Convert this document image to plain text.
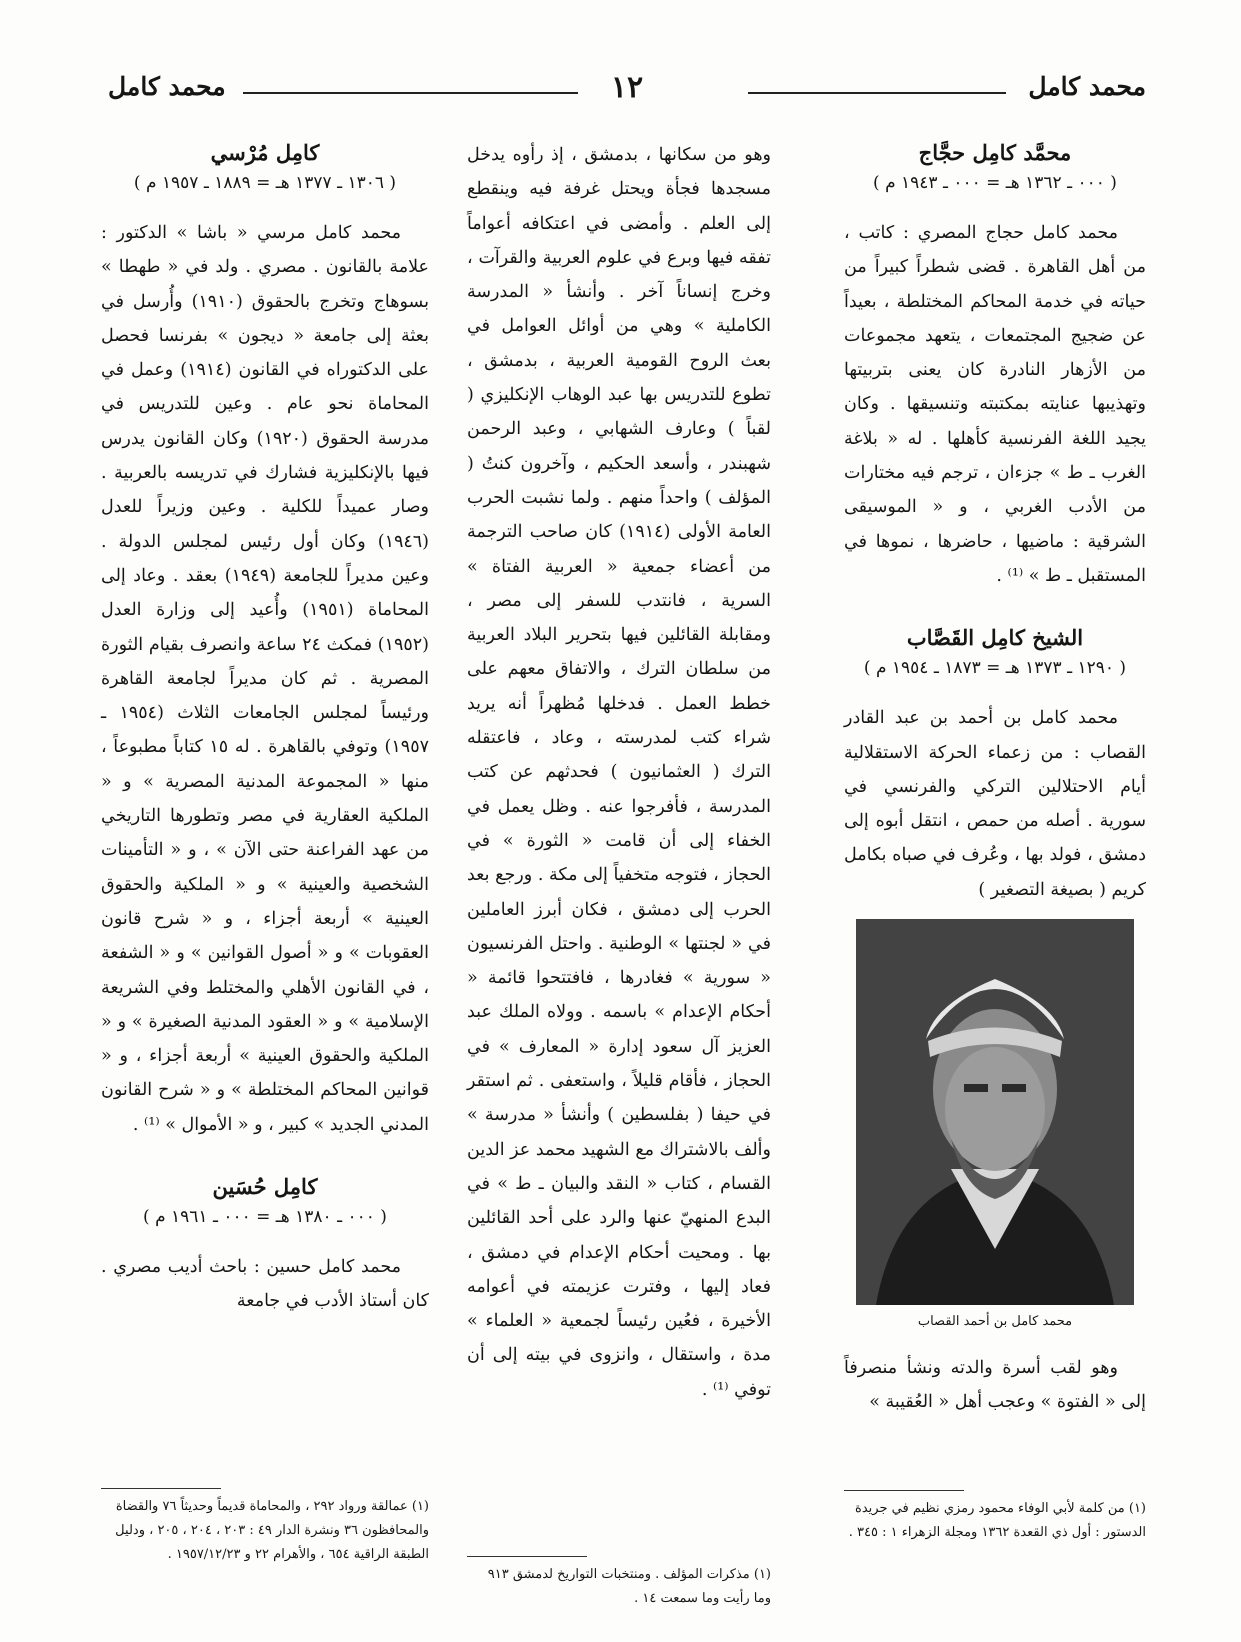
محمد كامل
١٢
محمد كامل
محمَّد كامِل حجَّاج
( ٠٠٠ ـ ١٣٦٢ هـ = ٠٠٠ ـ ١٩٤٣ م )

محمد كامل حجاج المصري : كاتب ، من أهل القاهرة . قضى شطراً كبيراً من حياته في خدمة المحاكم المختلطة ، بعيداً عن ضجيج المجتمعات ، يتعهد مجموعات من الأزهار النادرة كان يعنى بتربيتها وتهذيبها عنايته بمكتبته وتنسيقها . وكان يجيد اللغة الفرنسية كأهلها . له « بلاغة الغرب ـ ط » جزءان ، ترجم فيه مختارات من الأدب الغربي ، و « الموسيقى الشرقية : ماضيها ، حاضرها ، نموها في المستقبل ـ ط » ⁽¹⁾ .

الشيخ كامِل القَصَّاب
( ١٢٩٠ ـ ١٣٧٣ هـ = ١٨٧٣ ـ ١٩٥٤ م )

محمد كامل بن أحمد بن عبد القادر القصاب : من زعماء الحركة الاستقلالية أيام الاحتلالين التركي والفرنسي في سورية . أصله من حمص ، انتقل أبوه إلى دمشق ، فولد بها ، وعُرف في صباه بكامل كريم ( بصيغة التصغير )

محمد كامل بن أحمد القصاب

وهو لقب أسرة والدته ونشأ منصرفاً إلى « الفتوة » وعجب أهل « العُقيبة »

وهو من سكانها ، بدمشق ، إذ رأوه يدخل مسجدها فجأة ويحتل غرفة فيه وينقطع إلى العلم . وأمضى في اعتكافه أعواماً تفقه فيها وبرع في علوم العربية والقرآت ، وخرج إنساناً آخر . وأنشأ « المدرسة الكاملية » وهي من أوائل العوامل في بعث الروح القومية العربية ، بدمشق ، تطوع للتدريس بها عبد الوهاب الإنكليزي ( لقباً ) وعارف الشهابي ، وعبد الرحمن شهبندر ، وأسعد الحكيم ، وآخرون كنتُ ( المؤلف ) واحداً منهم . ولما نشبت الحرب العامة الأولى (١٩١٤) كان صاحب الترجمة من أعضاء جمعية « العربية الفتاة » السرية ، فانتدب للسفر إلى مصر ، ومقابلة القائلين فيها بتحرير البلاد العربية من سلطان الترك ، والاتفاق معهم على خطط العمل . فدخلها مُظهراً أنه يريد شراء كتب لمدرسته ، وعاد ، فاعتقله الترك ( العثمانيون ) فحدثهم عن كتب المدرسة ، فأفرجوا عنه . وظل يعمل في الخفاء إلى أن قامت « الثورة » في الحجاز ، فتوجه متخفياً إلى مكة . ورجع بعد الحرب إلى دمشق ، فكان أبرز العاملين في « لجنتها » الوطنية . واحتل الفرنسيون « سورية » فغادرها ، فافتتحوا قائمة « أحكام الإعدام » باسمه . وولاه الملك عبد العزيز آل سعود إدارة « المعارف » في الحجاز ، فأقام قليلاً ، واستعفى . ثم استقر في حيفا ( بفلسطين ) وأنشأ « مدرسة » وألف بالاشتراك مع الشهيد محمد عز الدين القسام ، كتاب « النقد والبيان ـ ط » في البدع المنهيّ عنها والرد على أحد القائلين بها . ومحيت أحكام الإعدام في دمشق ، فعاد إليها ، وفترت عزيمته في أعوامه الأخيرة ، فعُين رئيساً لجمعية « العلماء » مدة ، واستقال ، وانزوى في بيته إلى أن توفي ⁽¹⁾ .

كامِل مُرْسي
( ١٣٠٦ ـ ١٣٧٧ هـ = ١٨٨٩ ـ ١٩٥٧ م )

محمد كامل مرسي « باشا » الدكتور : علامة بالقانون . مصري . ولد في « طهطا » بسوهاج وتخرج بالحقوق (١٩١٠) وأُرسل في بعثة إلى جامعة « ديجون » بفرنسا فحصل على الدكتوراه في القانون (١٩١٤) وعمل في المحاماة نحو عام . وعين للتدريس في مدرسة الحقوق (١٩٢٠) وكان القانون يدرس فيها بالإنكليزية فشارك في تدريسه بالعربية . وصار عميداً للكلية . وعين وزيراً للعدل (١٩٤٦) وكان أول رئيس لمجلس الدولة . وعين مديراً للجامعة (١٩٤٩) بعقد . وعاد إلى المحاماة (١٩٥١) وأُعيد إلى وزارة العدل (١٩٥٢) فمكث ٢٤ ساعة وانصرف بقيام الثورة المصرية . ثم كان مديراً لجامعة القاهرة ورئيساً لمجلس الجامعات الثلاث (١٩٥٤ ـ ١٩٥٧) وتوفي بالقاهرة . له ١٥ كتاباً مطبوعاً ، منها « المجموعة المدنية المصرية » و « الملكية العقارية في مصر وتطورها التاريخي من عهد الفراعنة حتى الآن » ، و « التأمينات الشخصية والعينية » و « الملكية والحقوق العينية » أربعة أجزاء ، و « شرح قانون العقوبات » و « أصول القوانين » و « الشفعة ، في القانون الأهلي والمختلط وفي الشريعة الإسلامية » و « العقود المدنية الصغيرة » و « الملكية والحقوق العينية » أربعة أجزاء ، و « قوانين المحاكم المختلطة » و « شرح القانون المدني الجديد » كبير ، و « الأموال » ⁽¹⁾ .

كامِل حُسَين
( ٠٠٠ ـ ١٣٨٠ هـ = ٠٠٠ ـ ١٩٦١ م )

محمد كامل حسين : باحث أديب مصري . كان أستاذ الأدب في جامعة

(١) من كلمة لأبي الوفاء محمود رمزي نظيم في جريدة الدستور : أول ذي القعدة ١٣٦٢ ومجلة الزهراء ١ : ٣٤٥ .
(١) مذكرات المؤلف . ومنتخبات التواريخ لدمشق ٩١٣ وما رأيت وما سمعت ١٤ .
(١) عمالقة ورواد ٢٩٢ ، والمحاماة قديماً وحديثاً ٧٦ والقضاة والمحافظون ٣٦ ونشرة الدار ٤٩ : ٢٠٣ ، ٢٠٤ ، ٢٠٥ ، ودليل الطبقة الراقية ٦٥٤ ، والأهرام ٢٢ و ١٩٥٧/١٢/٢٣ .
